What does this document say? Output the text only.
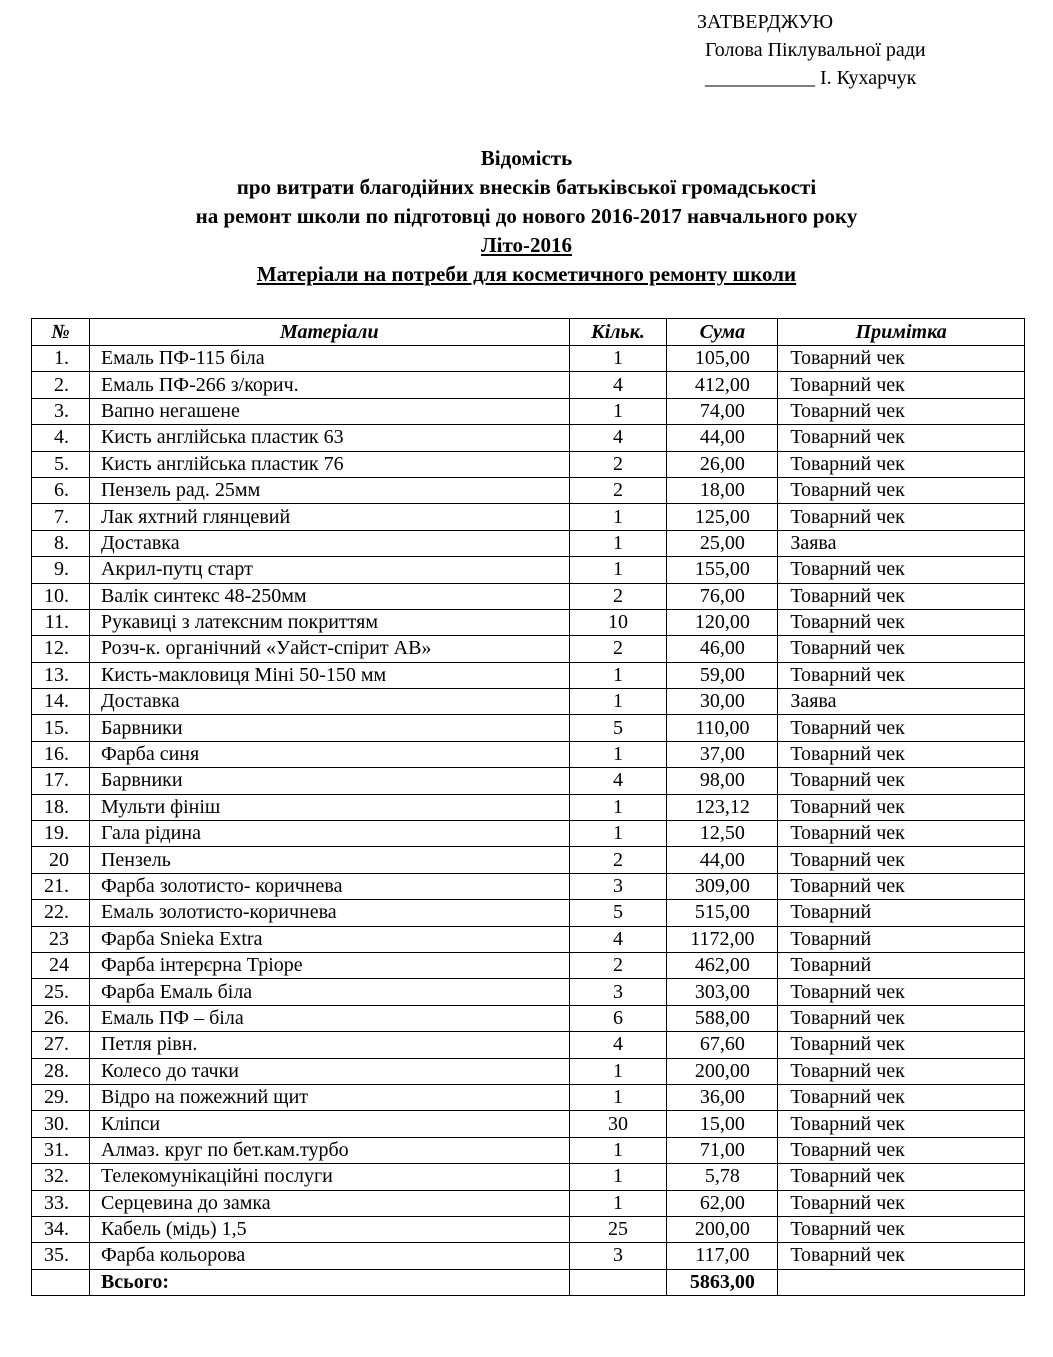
ЗАТВЕРДЖУЮ
Голова Піклувальної ради
___________ І. Кухарчук
Відомість
про витрати благодійних внесків батьківської громадськості
на ремонт школи по підготовці до нового 2016-2017 навчального року
Літо-2016
Матеріали на потреби для косметичного ремонту школи
№	Матеріали	Кільк.	Сума	Примітка
1.	Емаль ПФ-115 біла	1	105,00	Товарний чек
2.	Емаль ПФ-266 з/корич.	4	412,00	Товарний чек
3.	Вапно негашене	1	74,00	Товарний чек
4.	Кисть англійська пластик 63	4	44,00	Товарний чек
5.	Кисть англійська пластик 76	2	26,00	Товарний чек
6.	Пензель рад. 25мм	2	18,00	Товарний чек
7.	Лак яхтний глянцевий	1	125,00	Товарний чек
8.	Доставка	1	25,00	Заява
9.	Акрил-путц старт	1	155,00	Товарний чек
10.	Валік синтекс 48-250мм	2	76,00	Товарний чек
11.	Рукавиці з латексним покриттям	10	120,00	Товарний чек
12.	Розч-к. органічний «Уайст-спірит АВ»	2	46,00	Товарний чек
13.	Кисть-макловиця Міні 50-150 мм	1	59,00	Товарний чек
14.	Доставка	1	30,00	Заява
15.	Барвники	5	110,00	Товарний чек
16.	Фарба синя	1	37,00	Товарний чек
17.	Барвники	4	98,00	Товарний чек
18.	Мульти фініш	1	123,12	Товарний чек
19.	Гала рідина	1	12,50	Товарний чек
20	Пензель	2	44,00	Товарний чек
21.	Фарба золотисто- коричнева	3	309,00	Товарний чек
22.	Емаль золотисто-коричнева	5	515,00	Товарний
23	Фарба Snieka Extra	4	1172,00	Товарний
24	Фарба інтерєрна Тріоре	2	462,00	Товарний
25.	Фарба Емаль біла	3	303,00	Товарний чек
26.	Емаль ПФ – біла	6	588,00	Товарний чек
27.	Петля рівн.	4	67,60	Товарний чек
28.	Колесо до тачки	1	200,00	Товарний чек
29.	Відро на пожежний щит	1	36,00	Товарний чек
30.	Кліпси	30	15,00	Товарний чек
31.	Алмаз. круг по бет.кам.турбо	1	71,00	Товарний чек
32.	Телекомунікаційні послуги	1	5,78	Товарний чек
33.	Серцевина до замка	1	62,00	Товарний чек
34.	Кабель (мідь) 1,5	25	200,00	Товарний чек
35.	Фарба кольорова	3	117,00	Товарний чек
	Всього:		5863,00	
